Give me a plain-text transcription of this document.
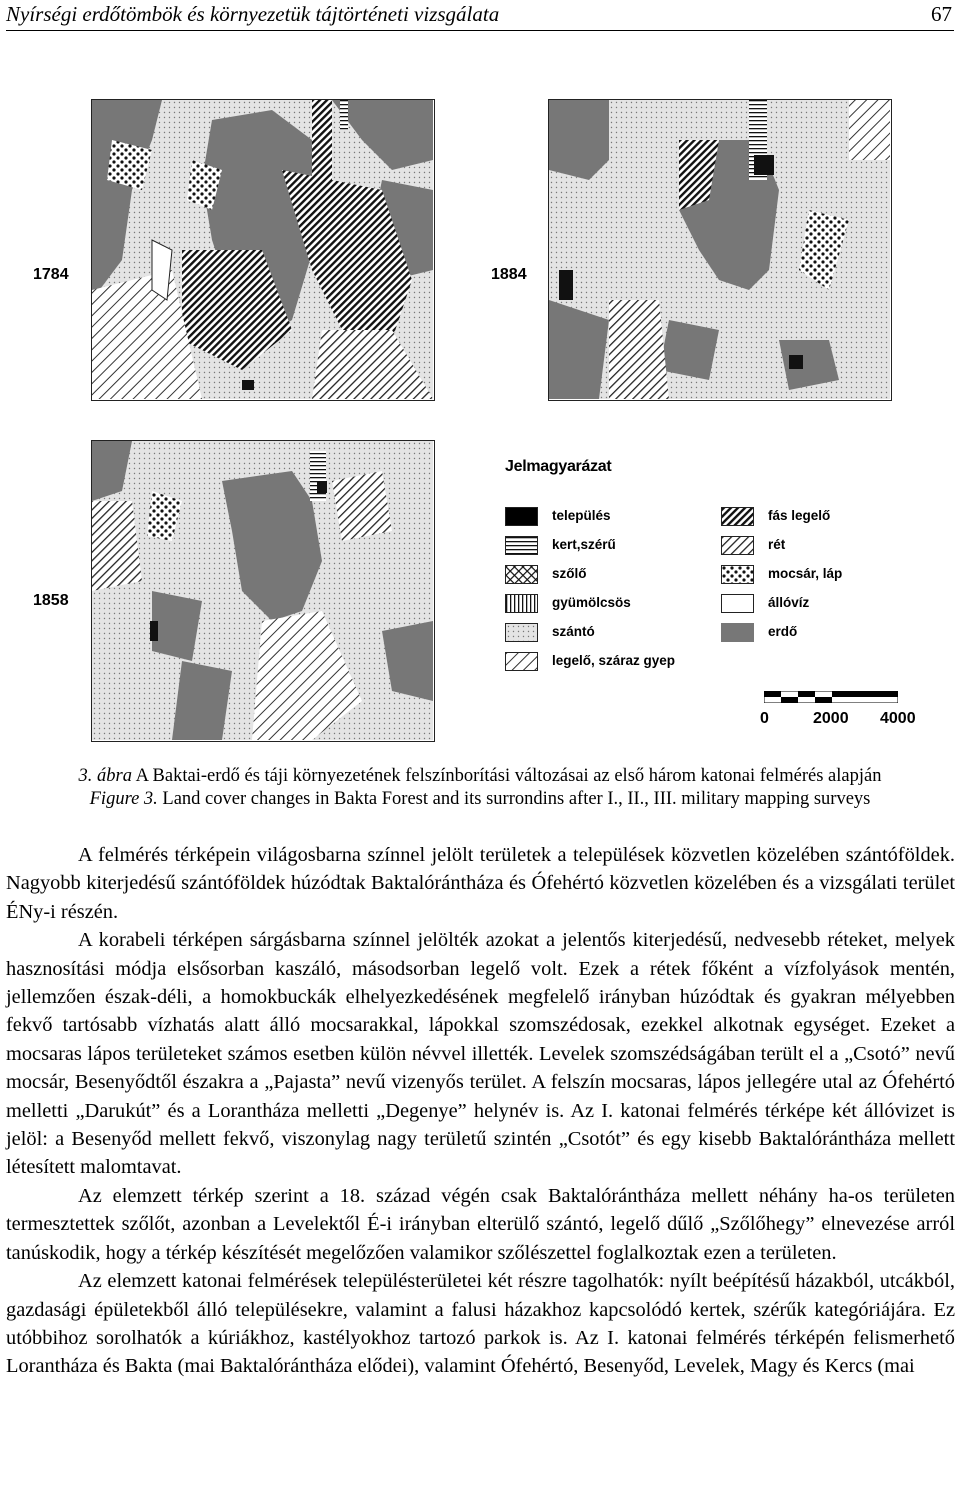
Nyírségi erdőtömbök és környezetük tájtörténeti vizsgálata	67
1784	1884
1858
Jelmagyarázat
település
kert,szérű
szőlő
gyümölcsös
szántó
legelő, száraz gyep
fás legelő
rét
mocsár, láp
állóvíz
erdő
0	2000 4000
3. ábra A Baktai-erdő és táji környezetének felszínborítási változásai az első három katonai felmérés alapján
Figure 3. Land cover changes in Bakta Forest and its surrondins after I., II., III. military mapping surveys

A felmérés térképein világosbarna színnel jelölt területek a települések közvetlen közelében szántóföldek. Nagyobb kiterjedésű szántóföldek húzódtak Baktalórántháza és Ófehértó közvetlen közelében és a vizsgálati terület ÉNy-i részén.

A korabeli térképen sárgásbarna színnel jelölték azokat a jelentős kiterjedésű, nedvesebb réteket, melyek hasznosítási módja elsősorban kaszáló, másodsorban legelő volt. Ezek a rétek főként a vízfolyások mentén, jellemzően észak-déli, a homokbuckák elhelyezkedésének megfelelő irányban húzódtak és gyakran mélyebben fekvő tartósabb vízhatás alatt álló mocsarakkal, lápokkal szomszédosak, ezekkel alkotnak egységet. Ezeket a mocsaras lápos területeket számos esetben külön névvel illették. Levelek szomszédságában terült el a „Csotó” nevű mocsár, Besenyődtől északra a „Pajasta” nevű vizenyős terület. A felszín mocsaras, lápos jellegére utal az Ófehértó melletti „Darukút” és a Lorantháza melletti „Degenye” helynév is. Az I. katonai felmérés térképe két állóvizet is jelöl: a Besenyőd mellett fekvő, viszonylag nagy területű szintén „Csotót” és egy kisebb Baktalórántháza mellett létesített malomtavat.

Az elemzett térkép szerint a 18. század végén csak Baktalórántháza mellett néhány ha-os területen termesztettek szőlőt, azonban a Levelektől É-i irányban elterülő szántó, legelő dűlő „Szőlőhegy” elnevezése arról tanúskodik, hogy a térkép készítését megelőzően valamikor szőlészettel foglalkoztak ezen a területen.

Az elemzett katonai felmérések településterületei két részre tagolhatók: nyílt beépítésű házakból, utcákból, gazdasági épületekből álló településekre, valamint a falusi házakhoz kapcsolódó kertek, szérűk kategóriájára. Ez utóbbihoz sorolhatók a kúriákhoz, kastélyokhoz tartozó parkok is. Az I. katonai felmérés térképén felismerhető Lorantháza és Bakta (mai Baktalórántháza elődei), valamint Ófehértó, Besenyőd, Levelek, Magy és Kercs (mai
